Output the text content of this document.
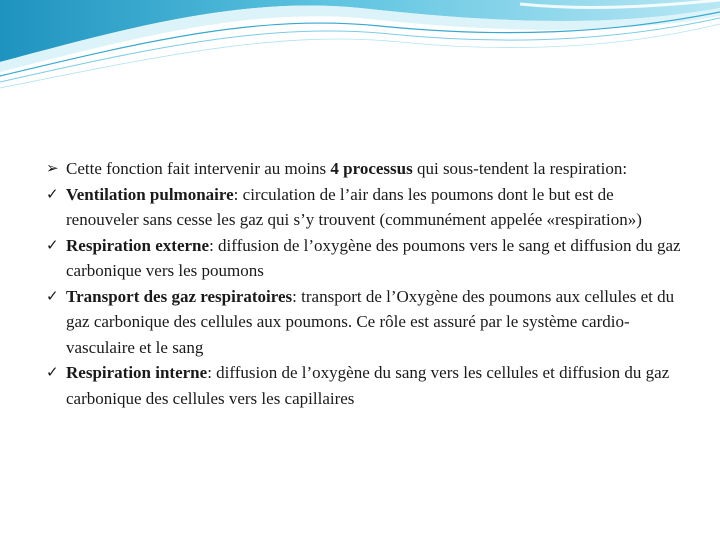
➢ Cette fonction fait intervenir au moins 4 processus qui sous-tendent la respiration:

✓ Ventilation pulmonaire: circulation de l’air dans les poumons dont le but est de renouveler sans cesse les gaz qui s’y trouvent (communément appelée «respiration»)

✓ Respiration externe: diffusion de l’oxygène des poumons vers le sang et diffusion du gaz carbonique vers les poumons

✓ Transport des gaz respiratoires: transport de l’Oxygène des poumons aux cellules et du gaz carbonique des cellules aux poumons. Ce rôle est assuré par le système cardio-vasculaire et le sang

✓ Respiration interne: diffusion de l’oxygène du sang vers les cellules et diffusion du gaz carbonique des cellules vers les capillaires
